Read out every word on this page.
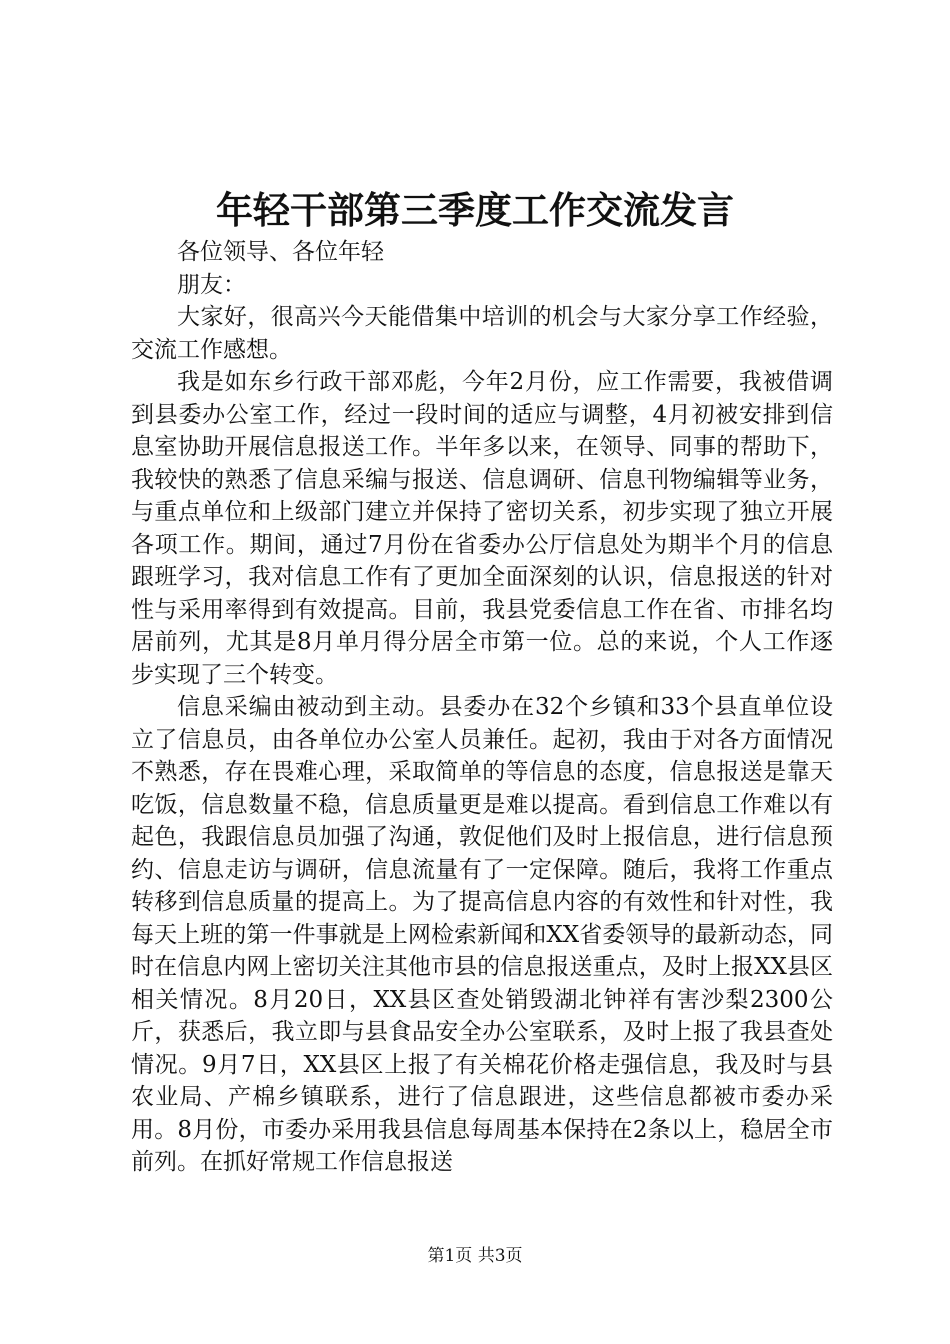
年轻干部第三季度工作交流发言

各位领导、各位年轻

朋友：

大家好，很高兴今天能借集中培训的机会与大家分享工作经验，交流工作感想。

我是如东乡行政干部邓彪，今年2月份，应工作需要，我被借调到县委办公室工作，经过一段时间的适应与调整，4月初被安排到信息室协助开展信息报送工作。半年多以来，在领导、同事的帮助下，我较快的熟悉了信息采编与报送、信息调研、信息刊物编辑等业务，与重点单位和上级部门建立并保持了密切关系，初步实现了独立开展各项工作。期间，通过7月份在省委办公厅信息处为期半个月的信息跟班学习，我对信息工作有了更加全面深刻的认识，信息报送的针对性与采用率得到有效提高。目前，我县党委信息工作在省、市排名均居前列，尤其是8月单月得分居全市第一位。总的来说，个人工作逐步实现了三个转变。

信息采编由被动到主动。县委办在32个乡镇和33个县直单位设立了信息员，由各单位办公室人员兼任。起初，我由于对各方面情况不熟悉，存在畏难心理，采取简单的等信息的态度，信息报送是靠天吃饭，信息数量不稳，信息质量更是难以提高。看到信息工作难以有起色，我跟信息员加强了沟通，敦促他们及时上报信息，进行信息预约、信息走访与调研，信息流量有了一定保障。随后，我将工作重点转移到信息质量的提高上。为了提高信息内容的有效性和针对性，我每天上班的第一件事就是上网检索新闻和XX省委领导的最新动态，同时在信息内网上密切关注其他市县的信息报送重点，及时上报XX县区相关情况。8月20日，XX县区查处销毁湖北钟祥有害沙梨2300公斤，获悉后，我立即与县食品安全办公室联系，及时上报了我县查处情况。9月7日，XX县区上报了有关棉花价格走强信息，我及时与县农业局、产棉乡镇联系，进行了信息跟进，这些信息都被市委办采用。8月份，市委办采用我县信息每周基本保持在2条以上，稳居全市前列。在抓好常规工作信息报送

第1页 共3页
